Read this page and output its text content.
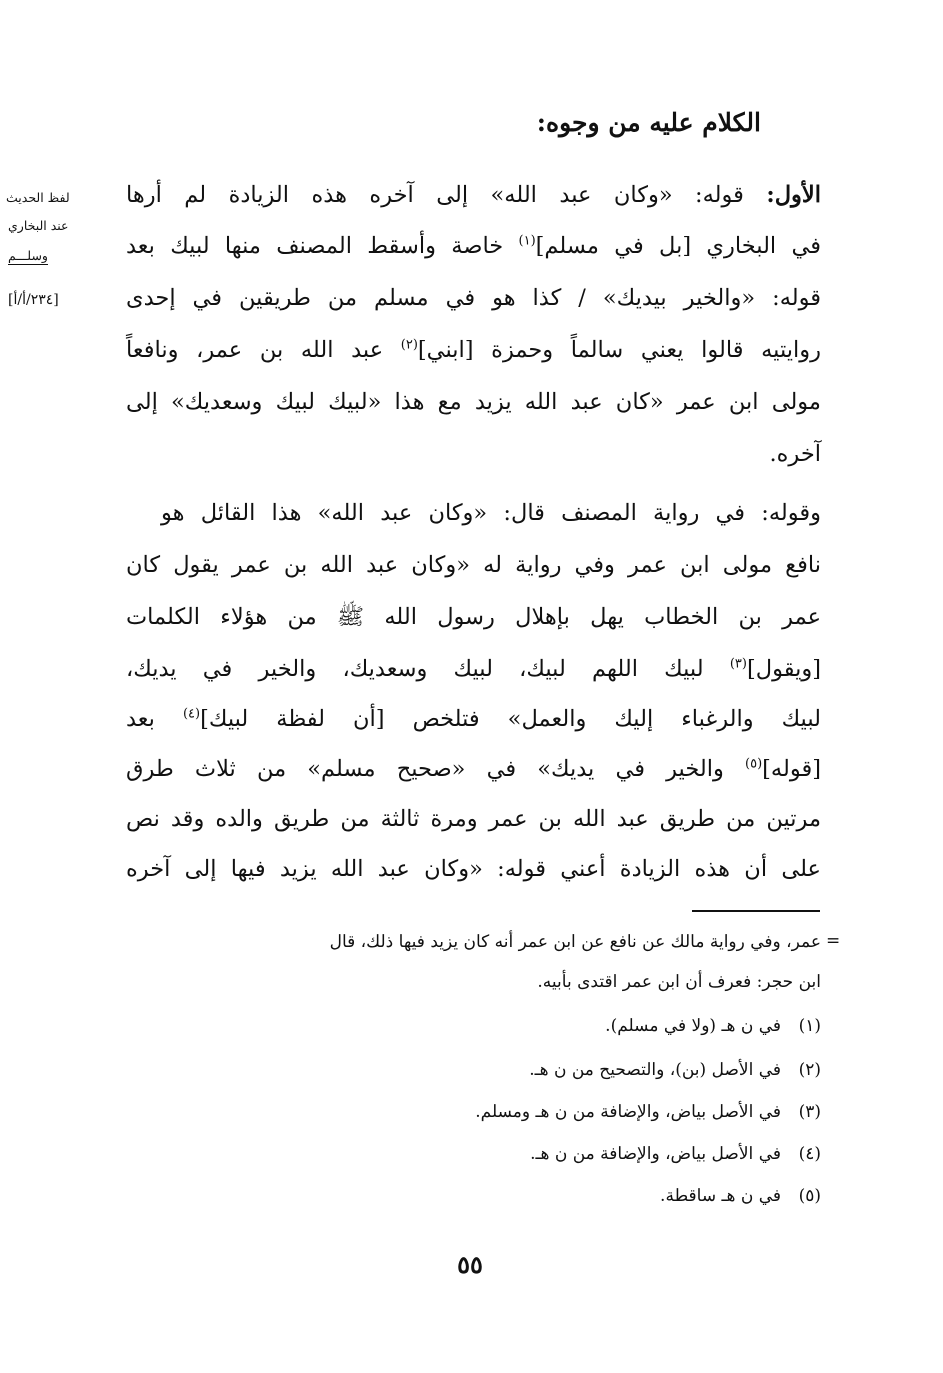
الكلام عليه من وجوه:
الأول: قوله: «وكان عبد الله» إلى آخره هذه الزيادة لم أرها
في البخاري [بل في مسلم]$^{(١)}$ خاصة وأسقط المصنف منها لبيك بعد
قوله: «والخير بيديك» / كذا هو في مسلم من طريقين في إحدى
روايتيه قالوا يعني سالماً وحمزة [ابني]$^{(٢)}$ عبد الله بن عمر، ونافعاً
مولى ابن عمر «كان عبد الله يزيد مع هذا «لبيك لبيك وسعديك» إلى
آخره.
وقوله: في رواية المصنف قال: «وكان عبد الله» هذا القائل هو
نافع مولى ابن عمر وفي رواية له «وكان عبد الله بن عمر يقول كان
عمر بن الخطاب يهل بإهلال رسول الله ﷺ من هؤلاء الكلمات
[ويقول]$^{(٣)}$ لبيك اللهم لبيك، لبيك وسعديك، والخير في يديك،
لبيك والرغباء إليك والعمل» فتلخص [أن لفظة لبيك]$^{(٤)}$ بعد
[قوله]$^{(٥)}$ والخير في يديك» في «صحيح مسلم» من ثلاث طرق
مرتين من طريق عبد الله بن عمر ومرة ثالثة من طريق والده وقد نص
على أن هذه الزيادة أعني قوله: «وكان عبد الله يزيد فيها إلى آخره
لفظ الحديث
عند البخاري
وسلـــم
[٢٣٤/أ/أ]
=
عمر، وفي رواية مالك عن نافع عن ابن عمر أنه كان يزيد فيها ذلك، قال
ابن حجر: فعرف أن ابن عمر اقتدى بأبيه.
(١)في ن هـ (ولا في مسلم).
(٢)في الأصل (بن)، والتصحيح من ن هـ.
(٣)في الأصل بياض، والإضافة من ن هـ ومسلم.
(٤)في الأصل بياض، والإضافة من ن هـ.
(٥)في ن هـ ساقطة.
٥٥
